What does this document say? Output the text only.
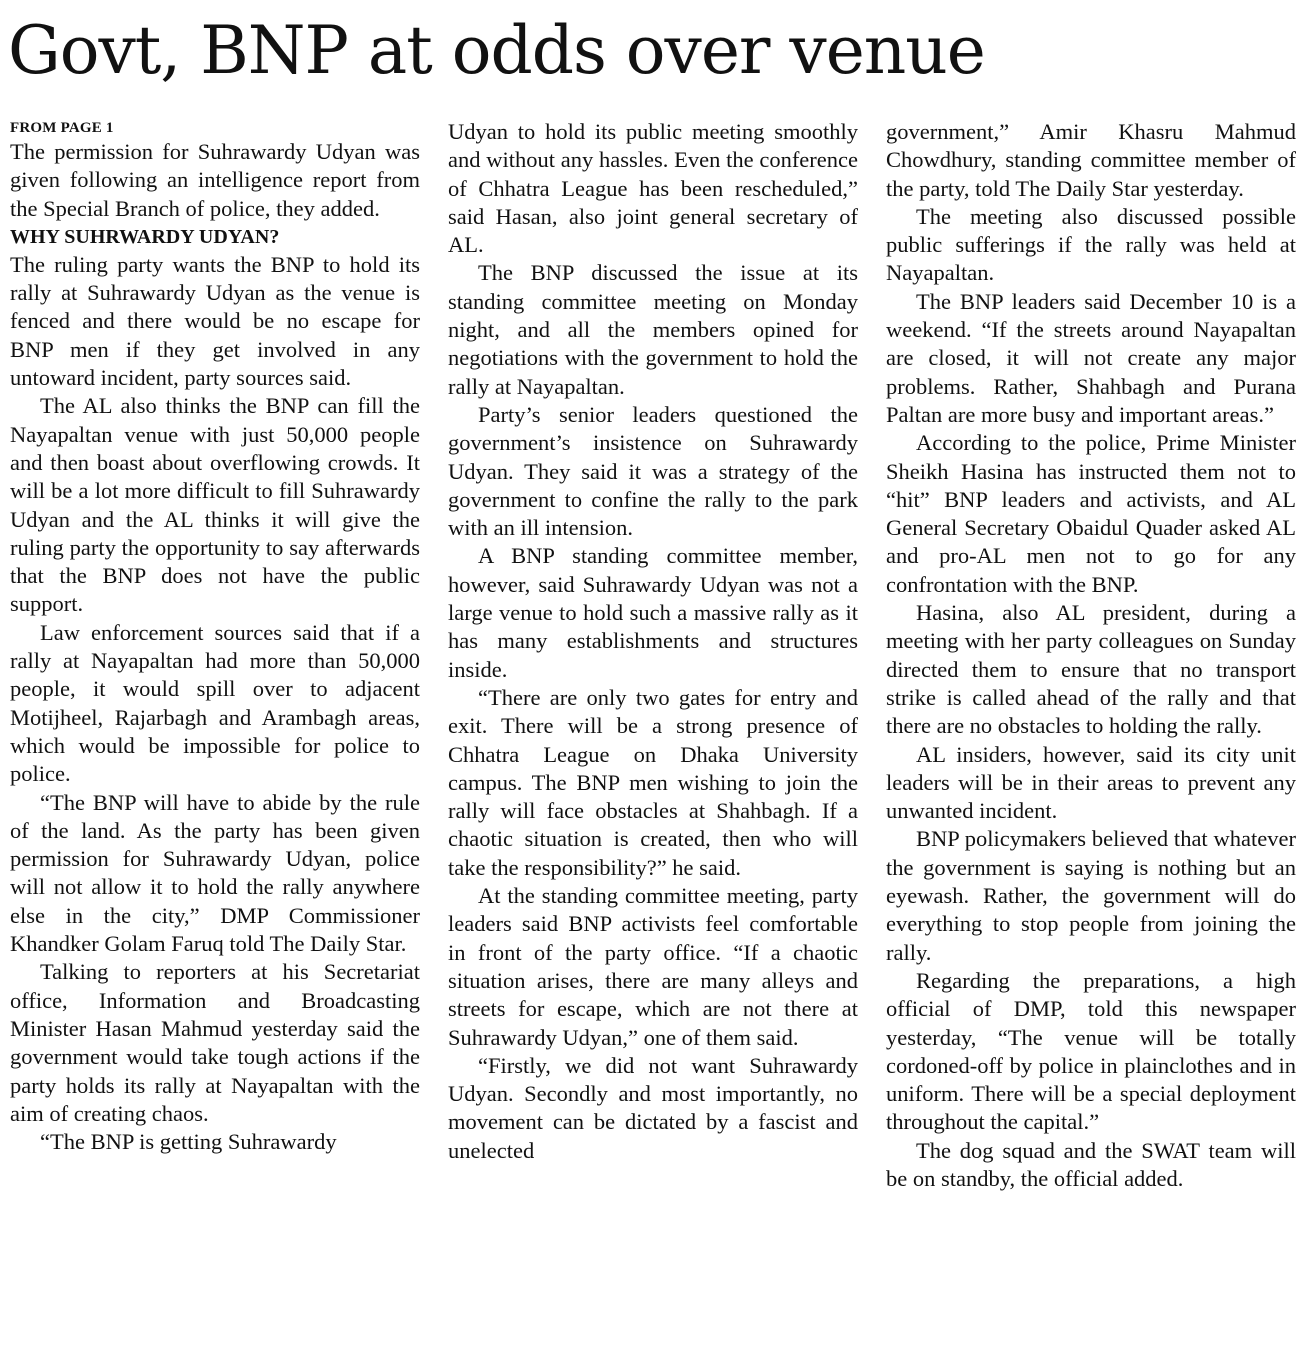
Govt, BNP at odds over venue
FROM PAGE 1

The permission for Suhrawardy Udyan was given following an intelligence report from the Special Branch of police, they added.

WHY SUHRWARDY UDYAN?

The ruling party wants the BNP to hold its rally at Suhrawardy Udyan as the venue is fenced and there would be no escape for BNP men if they get involved in any untoward incident, party sources said.

The AL also thinks the BNP can fill the Nayapaltan venue with just 50,000 people and then boast about overflowing crowds. It will be a lot more difficult to fill Suhrawardy Udyan and the AL thinks it will give the ruling party the opportunity to say afterwards that the BNP does not have the public support.

Law enforcement sources said that if a rally at Nayapaltan had more than 50,000 people, it would spill over to adjacent Motijheel, Rajarbagh and Arambagh areas, which would be impossible for police to police.

“The BNP will have to abide by the rule of the land. As the party has been given permission for Suhrawardy Udyan, police will not allow it to hold the rally anywhere else in the city,” DMP Commissioner Khandker Golam Faruq told The Daily Star.

Talking to reporters at his Secretariat office, Information and Broadcasting Minister Hasan Mahmud yesterday said the government would take tough actions if the party holds its rally at Nayapaltan with the aim of creating chaos.

“The BNP is getting Suhrawardy

Udyan to hold its public meeting smoothly and without any hassles. Even the conference of Chhatra League has been rescheduled,” said Hasan, also joint general secretary of AL.

The BNP discussed the issue at its standing committee meeting on Monday night, and all the members opined for negotiations with the government to hold the rally at Nayapaltan.

Party’s senior leaders questioned the government’s insistence on Suhrawardy Udyan. They said it was a strategy of the government to confine the rally to the park with an ill intension.

A BNP standing committee member, however, said Suhrawardy Udyan was not a large venue to hold such a massive rally as it has many establishments and structures inside.

“There are only two gates for entry and exit. There will be a strong presence of Chhatra League on Dhaka University campus. The BNP men wishing to join the rally will face obstacles at Shahbagh. If a chaotic situation is created, then who will take the responsibility?” he said.

At the standing committee meeting, party leaders said BNP activists feel comfortable in front of the party office. “If a chaotic situation arises, there are many alleys and streets for escape, which are not there at Suhrawardy Udyan,” one of them said.

“Firstly, we did not want Suhrawardy Udyan. Secondly and most importantly, no movement can be dictated by a fascist and unelected

government,” Amir Khasru Mahmud Chowdhury, standing committee member of the party, told The Daily Star yesterday.

The meeting also discussed possible public sufferings if the rally was held at Nayapaltan.

The BNP leaders said December 10 is a weekend. “If the streets around Nayapaltan are closed, it will not create any major problems. Rather, Shahbagh and Purana Paltan are more busy and important areas.”

According to the police, Prime Minister Sheikh Hasina has instructed them not to “hit” BNP leaders and activists, and AL General Secretary Obaidul Quader asked AL and pro-AL men not to go for any confrontation with the BNP.

Hasina, also AL president, during a meeting with her party colleagues on Sunday directed them to ensure that no transport strike is called ahead of the rally and that there are no obstacles to holding the rally.

AL insiders, however, said its city unit leaders will be in their areas to prevent any unwanted incident.

BNP policymakers believed that whatever the government is saying is nothing but an eyewash. Rather, the government will do everything to stop people from joining the rally.

Regarding the preparations, a high official of DMP, told this newspaper yesterday, “The venue will be totally cordoned-off by police in plainclothes and in uniform. There will be a special deployment throughout the capital.”

The dog squad and the SWAT team will be on standby, the official added.
